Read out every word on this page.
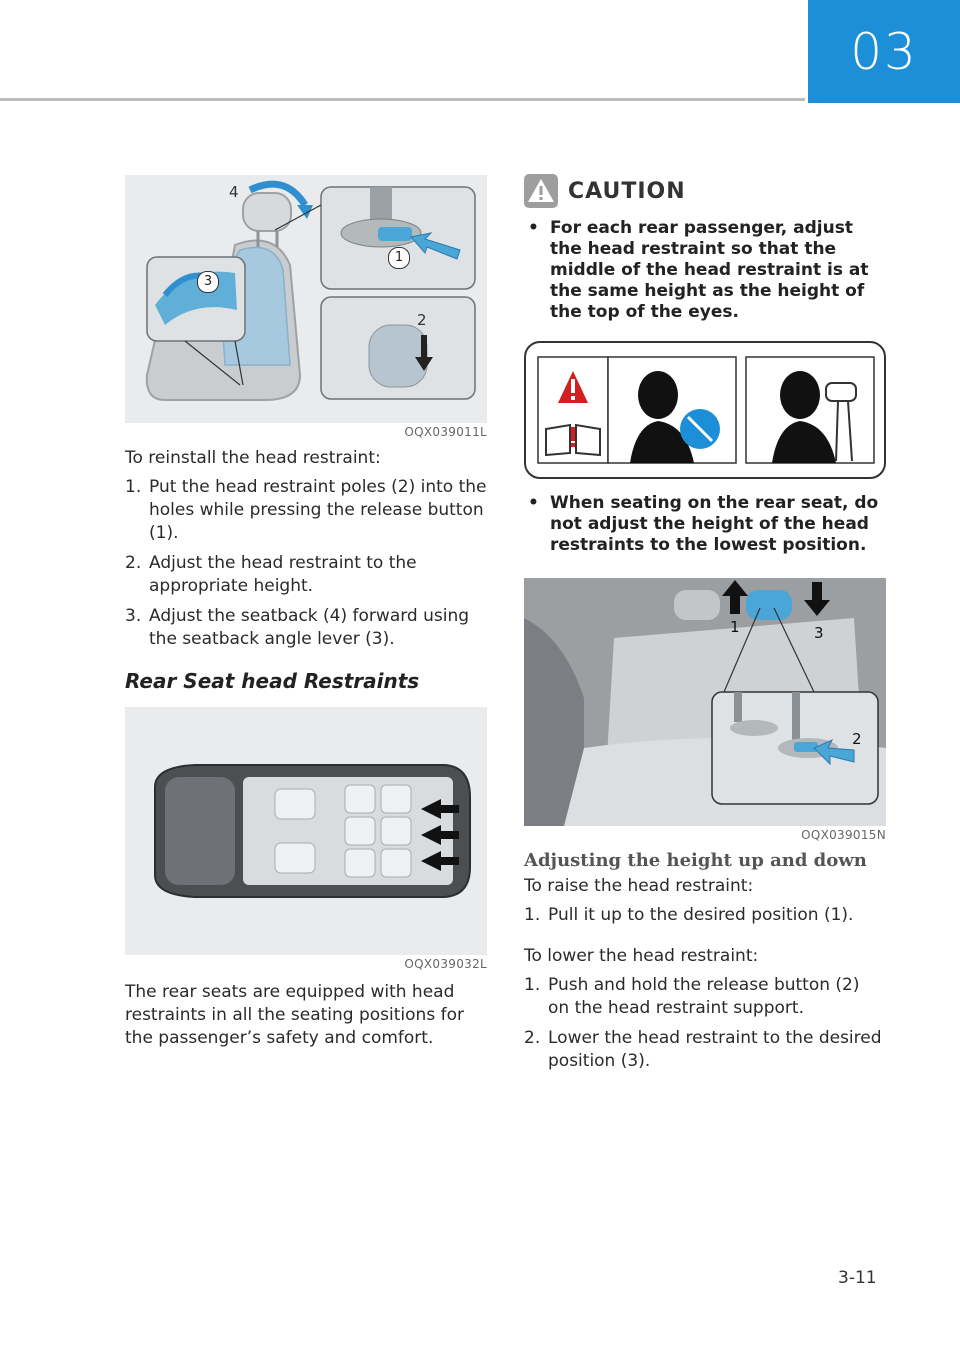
03
4
3
1
2
OQX039011L

To reinstall the head restraint:

1. Put the head restraint poles (2) into the holes while pressing the release button (1).
2. Adjust the head restraint to the appropriate height.
3. Adjust the seatback (4) forward using the seatback angle lever (3).
Rear Seat head Restraints
OQX039032L

The rear seats are equipped with head restraints in all the seating positions for the passenger’s safety and comfort.

CAUTION
• For each rear passenger, adjust the head restraint so that the middle of the head restraint is at the same height as the height of the top of the eyes.
• When seating on the rear seat, do not adjust the height of the head restraints to the lowest position.
1	3
2
OQX039015N
Adjusting the height up and down

To raise the head restraint:

1. Pull it up to the desired position (1).

To lower the head restraint:

1. Push and hold the release button (2) on the head restraint support.
2. Lower the head restraint to the desired position (3).
3-11
